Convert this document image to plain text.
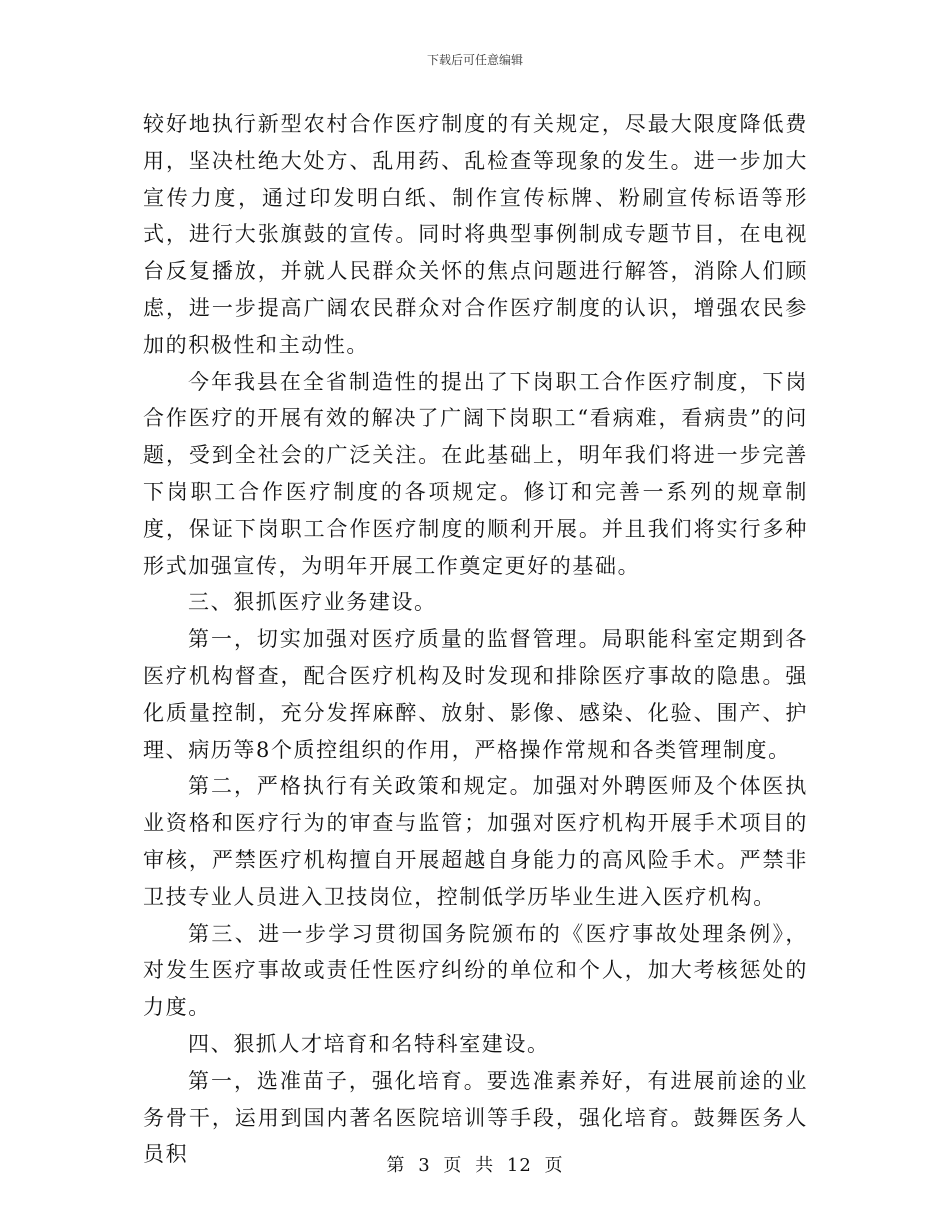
下载后可任意编辑

较好地执行新型农村合作医疗制度的有关规定，尽最大限度降低费用，坚决杜绝大处方、乱用药、乱检查等现象的发生。进一步加大宣传力度，通过印发明白纸、制作宣传标牌、粉刷宣传标语等形式，进行大张旗鼓的宣传。同时将典型事例制成专题节目，在电视台反复播放，并就人民群众关怀的焦点问题进行解答，消除人们顾虑，进一步提高广阔农民群众对合作医疗制度的认识，增强农民参加的积极性和主动性。

今年我县在全省制造性的提出了下岗职工合作医疗制度，下岗合作医疗的开展有效的解决了广阔下岗职工“看病难，看病贵”的问题，受到全社会的广泛关注。在此基础上，明年我们将进一步完善下岗职工合作医疗制度的各项规定。修订和完善一系列的规章制度，保证下岗职工合作医疗制度的顺利开展。并且我们将实行多种形式加强宣传，为明年开展工作奠定更好的基础。

三、狠抓医疗业务建设。

第一，切实加强对医疗质量的监督管理。局职能科室定期到各医疗机构督查，配合医疗机构及时发现和排除医疗事故的隐患。强化质量控制，充分发挥麻醉、放射、影像、感染、化验、围产、护理、病历等8个质控组织的作用，严格操作常规和各类管理制度。

第二，严格执行有关政策和规定。加强对外聘医师及个体医执业资格和医疗行为的审查与监管；加强对医疗机构开展手术项目的审核，严禁医疗机构擅自开展超越自身能力的高风险手术。严禁非卫技专业人员进入卫技岗位，控制低学历毕业生进入医疗机构。

第三、进一步学习贯彻国务院颁布的《医疗事故处理条例》，对发生医疗事故或责任性医疗纠纷的单位和个人，加大考核惩处的力度。

四、狠抓人才培育和名特科室建设。

第一，选准苗子，强化培育。要选准素养好，有进展前途的业务骨干，运用到国内著名医院培训等手段，强化培育。鼓舞医务人员积	第 3 页 共 12 页
